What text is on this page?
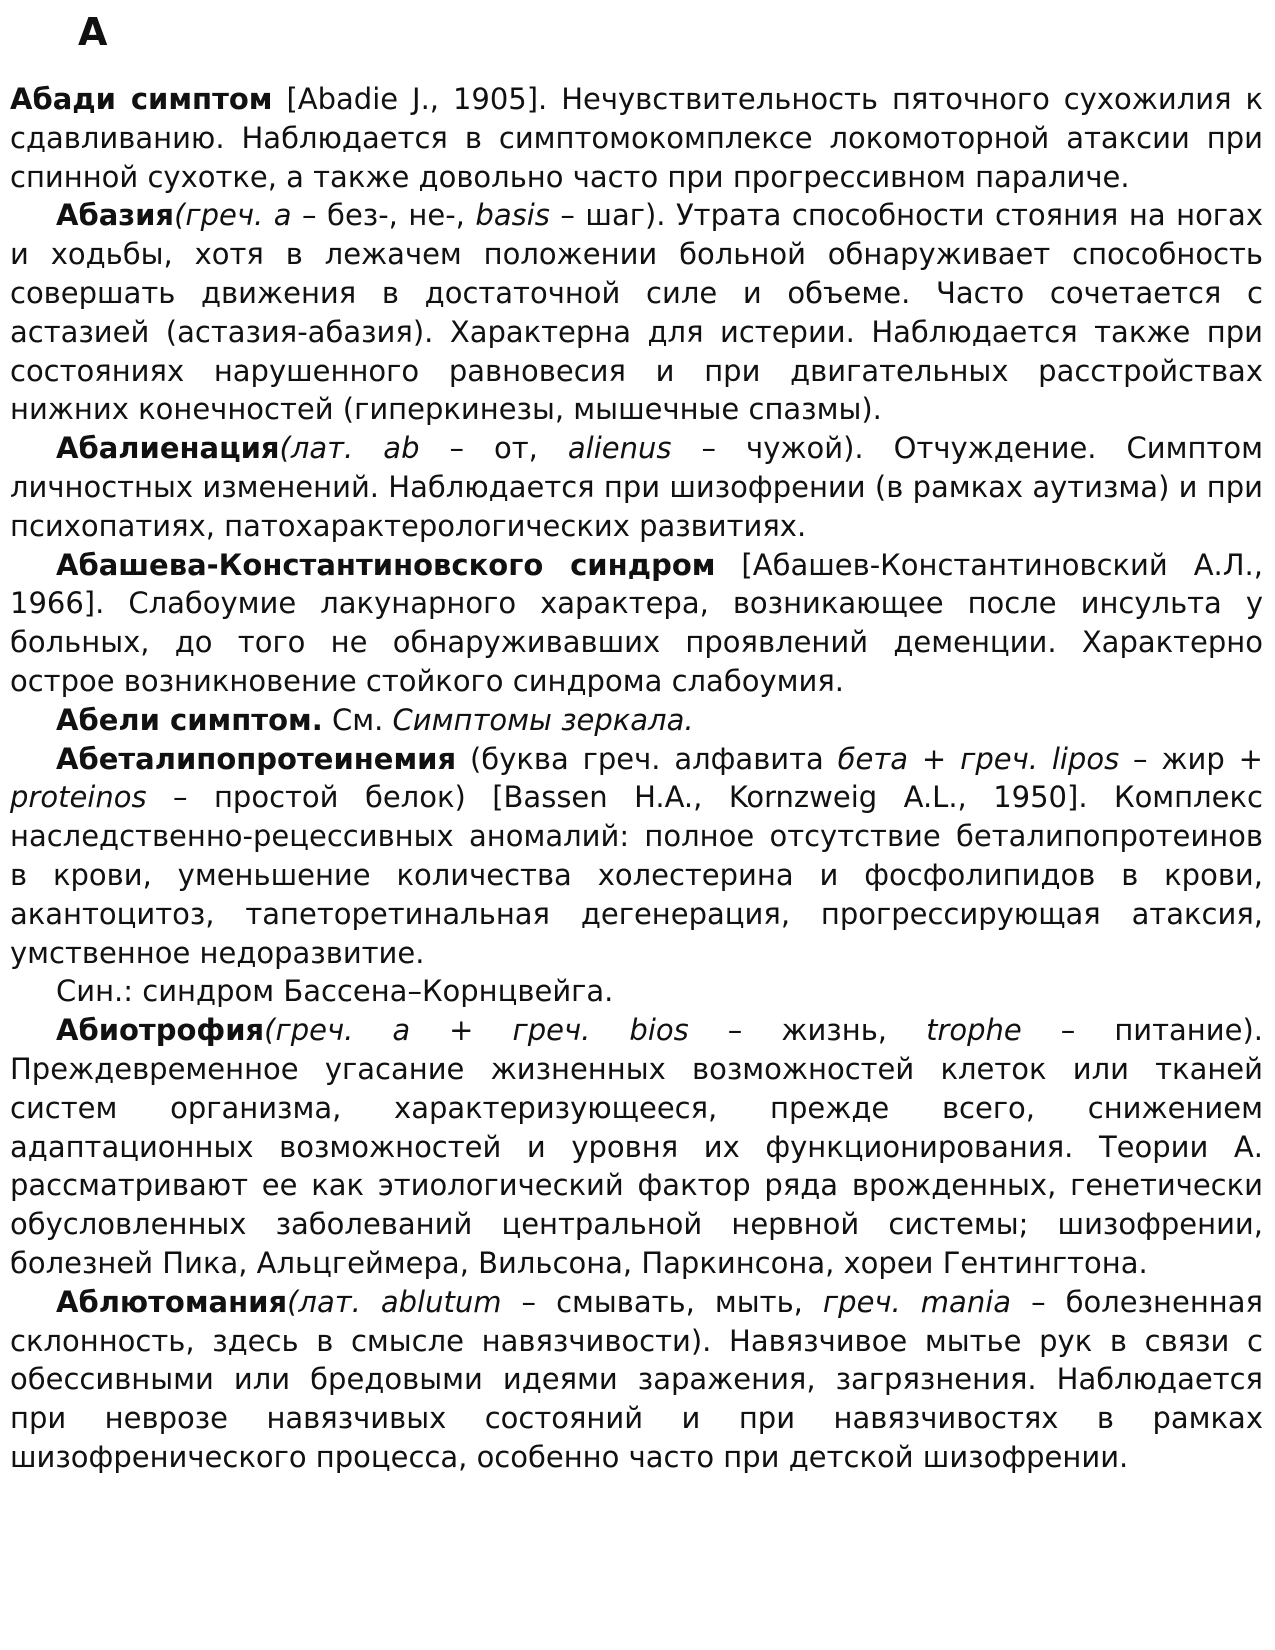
А

Абади симптом [Abadie J., 1905]. Нечувствительность пяточного сухожилия к сдавливанию. Наблюдается в симптомокомплексе локомоторной атаксии при спинной сухотке, а также довольно часто при прогрессивном параличе.

Абазия(греч. а – без-, не-, basis – шаг). Утрата способности стояния на ногах и ходьбы, хотя в лежачем положении больной обнаруживает способность совершать движения в достаточной силе и объеме. Часто сочетается с астазией (астазия-абазия). Характерна для истерии. Наблюдается также при состояниях нарушенного равновесия и при двигательных расстройствах нижних конечностей (гиперкинезы, мышечные спазмы).

Абалиенация(лат. ab – от, alienus – чужой). Отчуждение. Симптом личностных изменений. Наблюдается при шизофрении (в рамках аутизма) и при психопатиях, патохарактерологических развитиях.

Абашева-Константиновского синдром [Абашев-Константиновский А.Л., 1966]. Слабоумие лакунарного характера, возникающее после инсульта у больных, до того не обнаруживавших проявлений деменции. Характерно острое возникновение стойкого синдрома слабоумия.

Абели симптом. См. Симптомы зеркала.

Абеталипопротеинемия (буква греч. алфавита бета + греч. lipos – жир + proteinos – простой белок) [Bassen H.A., Kornzweig A.L., 1950]. Комплекс наследственно-рецессивных аномалий: полное отсутствие беталипопротеинов в крови, уменьшение количества холестерина и фосфолипидов в крови, акантоцитоз, тапеторетинальная дегенерация, прогрессирующая атаксия, умственное недоразвитие.

Син.: синдром Бассена–Корнцвейга.

Абиотрофия(греч. а + греч. bios – жизнь, trophe – питание). Преждевременное угасание жизненных возможностей клеток или тканей систем организма, характеризующееся, прежде всего, снижением адаптационных возможностей и уровня их функционирования. Теории А. рассматривают ее как этиологический фактор ряда врожденных, генетически обусловленных заболеваний центральной нервной системы; шизофрении, болезней Пика, Альцгеймера, Вильсона, Паркинсона, хореи Гентингтона.

Аблютомания(лат. ablutum – смывать, мыть, греч. mania – болезненная склонность, здесь в смысле навязчивости). Навязчивое мытье рук в связи с обессивными или бредовыми идеями заражения, загрязнения. Наблюдается при неврозе навязчивых состояний и при навязчивостях в рамках шизофренического процесса, особенно часто при детской шизофрении.
